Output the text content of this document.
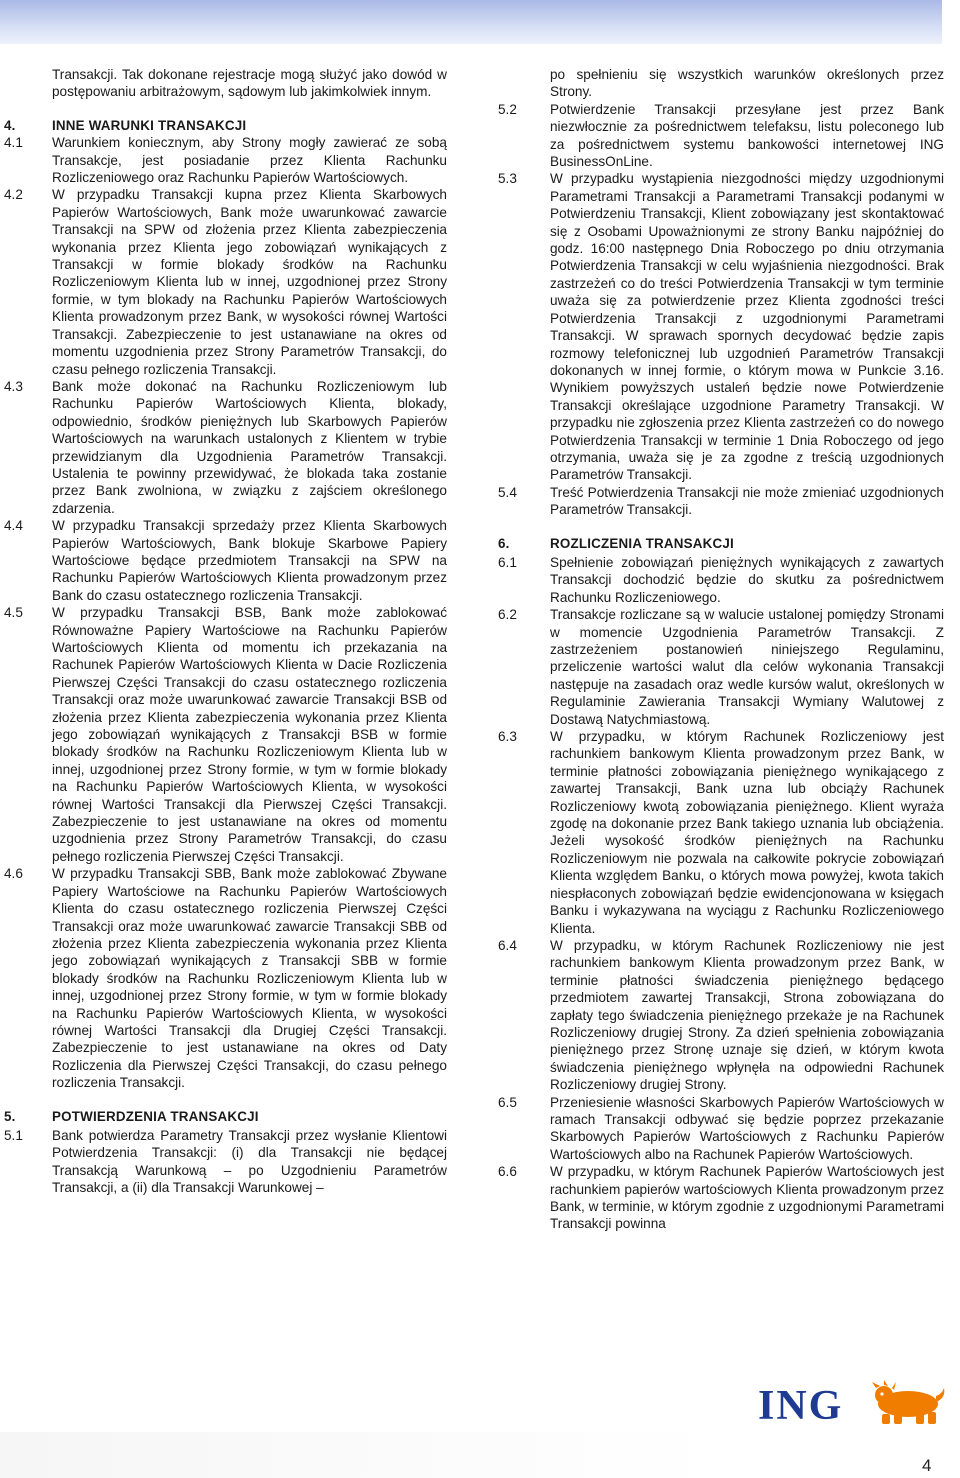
Transakcji. Tak dokonane rejestracje mogą służyć jako dowód w postępowaniu arbitrażowym, sądowym lub jakimkolwiek innym.

4.	INNE WARUNKI TRANSAKCJI
4.1	Warunkiem koniecznym, aby Strony mogły zawierać ze sobą Transakcje, jest posiadanie przez Klienta Rachunku Rozliczeniowego oraz Rachunku Papierów Wartościowych.

4.2	W przypadku Transakcji kupna przez Klienta Skarbowych Papierów Wartościowych, Bank może uwarunkować zawarcie Transakcji na SPW od złożenia przez Klienta zabezpieczenia wykonania przez Klienta jego zobowiązań wynikających z Transakcji w formie blokady środków na Rachunku Rozliczeniowym Klienta lub w innej, uzgodnionej przez Strony formie, w tym blokady na Rachunku Papierów Wartościowych Klienta prowadzonym przez Bank, w wysokości równej Wartości Transakcji. Zabezpieczenie to jest ustanawiane na okres od momentu uzgodnienia przez Strony Parametrów Transakcji, do czasu pełnego rozliczenia Transakcji.

4.3	Bank może dokonać na Rachunku Rozliczeniowym lub Rachunku Papierów Wartościowych Klienta, blokady, odpowiednio, środków pieniężnych lub Skarbowych Papierów Wartościowych na warunkach ustalonych z Klientem w trybie przewidzianym dla Uzgodnienia Parametrów Transakcji. Ustalenia te powinny przewidywać, że blokada taka zostanie przez Bank zwolniona, w związku z zajściem określonego zdarzenia.

4.4	W przypadku Transakcji sprzedaży przez Klienta Skarbowych Papierów Wartościowych, Bank blokuje Skarbowe Papiery Wartościowe będące przedmiotem Transakcji na SPW na Rachunku Papierów Wartościowych Klienta prowadzonym przez Bank do czasu ostatecznego rozliczenia Transakcji.

4.5	W przypadku Transakcji BSB, Bank może zablokować Równoważne Papiery Wartościowe na Rachunku Papierów Wartościowych Klienta od momentu ich przekazania na Rachunek Papierów Wartościowych Klienta w Dacie Rozliczenia Pierwszej Części Transakcji do czasu ostatecznego rozliczenia Transakcji oraz może uwarunkować zawarcie Transakcji BSB od złożenia przez Klienta zabezpieczenia wykonania przez Klienta jego zobowiązań wynikających z Transakcji BSB w formie blokady środków na Rachunku Rozliczeniowym Klienta lub w innej, uzgodnionej przez Strony formie, w tym w formie blokady na Rachunku Papierów Wartościowych Klienta, w wysokości równej Wartości Transakcji dla Pierwszej Części Transakcji. Zabezpieczenie to jest ustanawiane na okres od momentu uzgodnienia przez Strony Parametrów Transakcji, do czasu pełnego rozliczenia Pierwszej Części Transakcji.

4.6	W przypadku Transakcji SBB, Bank może zablokować Zbywane Papiery Wartościowe na Rachunku Papierów Wartościowych Klienta do czasu ostatecznego rozliczenia Pierwszej Części Transakcji oraz może uwarunkować zawarcie Transakcji SBB od złożenia przez Klienta zabezpieczenia wykonania przez Klienta jego zobowiązań wynikających z Transakcji SBB w formie blokady środków na Rachunku Rozliczeniowym Klienta lub w innej, uzgodnionej przez Strony formie, w tym w formie blokady na Rachunku Papierów Wartościowych Klienta, w wysokości równej Wartości Transakcji dla Drugiej Części Transakcji. Zabezpieczenie to jest ustanawiane na okres od Daty Rozliczenia dla Pierwszej Części Transakcji, do czasu pełnego rozliczenia Transakcji.

5.	POTWIERDZENIA TRANSAKCJI
5.1	Bank potwierdza Parametry Transakcji przez wysłanie Klientowi Potwierdzenia Transakcji: (i) dla Transakcji nie będącej Transakcją Warunkową – po Uzgodnieniu Parametrów Transakcji, a (ii) dla Transakcji Warunkowej –

po spełnieniu się wszystkich warunków określonych przez Strony.

5.2	Potwierdzenie Transakcji przesyłane jest przez Bank niezwłocznie za pośrednictwem telefaksu, listu poleconego lub za pośrednictwem systemu bankowości internetowej ING BusinessOnLine.

5.3	W przypadku wystąpienia niezgodności między uzgodnionymi Parametrami Transakcji a Parametrami Transakcji podanymi w Potwierdzeniu Transakcji, Klient zobowiązany jest skontaktować się z Osobami Upoważnionymi ze strony Banku najpóźniej do godz. 16:00 następnego Dnia Roboczego po dniu otrzymania Potwierdzenia Transakcji w celu wyjaśnienia niezgodności. Brak zastrzeżeń co do treści Potwierdzenia Transakcji w tym terminie uważa się za potwierdzenie przez Klienta zgodności treści Potwierdzenia Transakcji z uzgodnionymi Parametrami Transakcji. W sprawach spornych decydować będzie zapis rozmowy telefonicznej lub uzgodnień Parametrów Transakcji dokonanych w innej formie, o którym mowa w Punkcie 3.16. Wynikiem powyższych ustaleń będzie nowe Potwierdzenie Transakcji określające uzgodnione Parametry Transakcji. W przypadku nie zgłoszenia przez Klienta zastrzeżeń co do nowego Potwierdzenia Transakcji w terminie 1 Dnia Roboczego od jego otrzymania, uważa się je za zgodne z treścią uzgodnionych Parametrów Transakcji.

5.4	Treść Potwierdzenia Transakcji nie może zmieniać uzgodnionych Parametrów Transakcji.

6.	ROZLICZENIA TRANSAKCJI
6.1	Spełnienie zobowiązań pieniężnych wynikających z zawartych Transakcji dochodzić będzie do skutku za pośrednictwem Rachunku Rozliczeniowego.

6.2	Transakcje rozliczane są w walucie ustalonej pomiędzy Stronami w momencie Uzgodnienia Parametrów Transakcji. Z zastrzeżeniem postanowień niniejszego Regulaminu, przeliczenie wartości walut dla celów wykonania Transakcji następuje na zasadach oraz wedle kursów walut, określonych w Regulaminie Zawierania Transakcji Wymiany Walutowej z Dostawą Natychmiastową.

6.3	W przypadku, w którym Rachunek Rozliczeniowy jest rachunkiem bankowym Klienta prowadzonym przez Bank, w terminie płatności zobowiązania pieniężnego wynikającego z zawartej Transakcji, Bank uzna lub obciąży Rachunek Rozliczeniowy kwotą zobowiązania pieniężnego. Klient wyraża zgodę na dokonanie przez Bank takiego uznania lub obciążenia. Jeżeli wysokość środków pieniężnych na Rachunku Rozliczeniowym nie pozwala na całkowite pokrycie zobowiązań Klienta względem Banku, o których mowa powyżej, kwota takich niespłaconych zobowiązań będzie ewidencjonowana w księgach Banku i wykazywana na wyciągu z Rachunku Rozliczeniowego Klienta.

6.4	W przypadku, w którym Rachunek Rozliczeniowy nie jest rachunkiem bankowym Klienta prowadzonym przez Bank, w terminie płatności świadczenia pieniężnego będącego przedmiotem zawartej Transakcji, Strona zobowiązana do zapłaty tego świadczenia pieniężnego przekaże je na Rachunek Rozliczeniowy drugiej Strony. Za dzień spełnienia zobowiązania pieniężnego przez Stronę uznaje się dzień, w którym kwota świadczenia pieniężnego wpłynęła na odpowiedni Rachunek Rozliczeniowy drugiej Strony.

6.5	Przeniesienie własności Skarbowych Papierów Wartościowych w ramach Transakcji odbywać się będzie poprzez przekazanie Skarbowych Papierów Wartościowych z Rachunku Papierów Wartościowych albo na Rachunek Papierów Wartościowych.

6.6	W przypadku, w którym Rachunek Papierów Wartościowych jest rachunkiem papierów wartościowych Klienta prowadzonym przez Bank, w terminie, w którym zgodnie z uzgodnionymi Parametrami Transakcji powinna

ING
4
